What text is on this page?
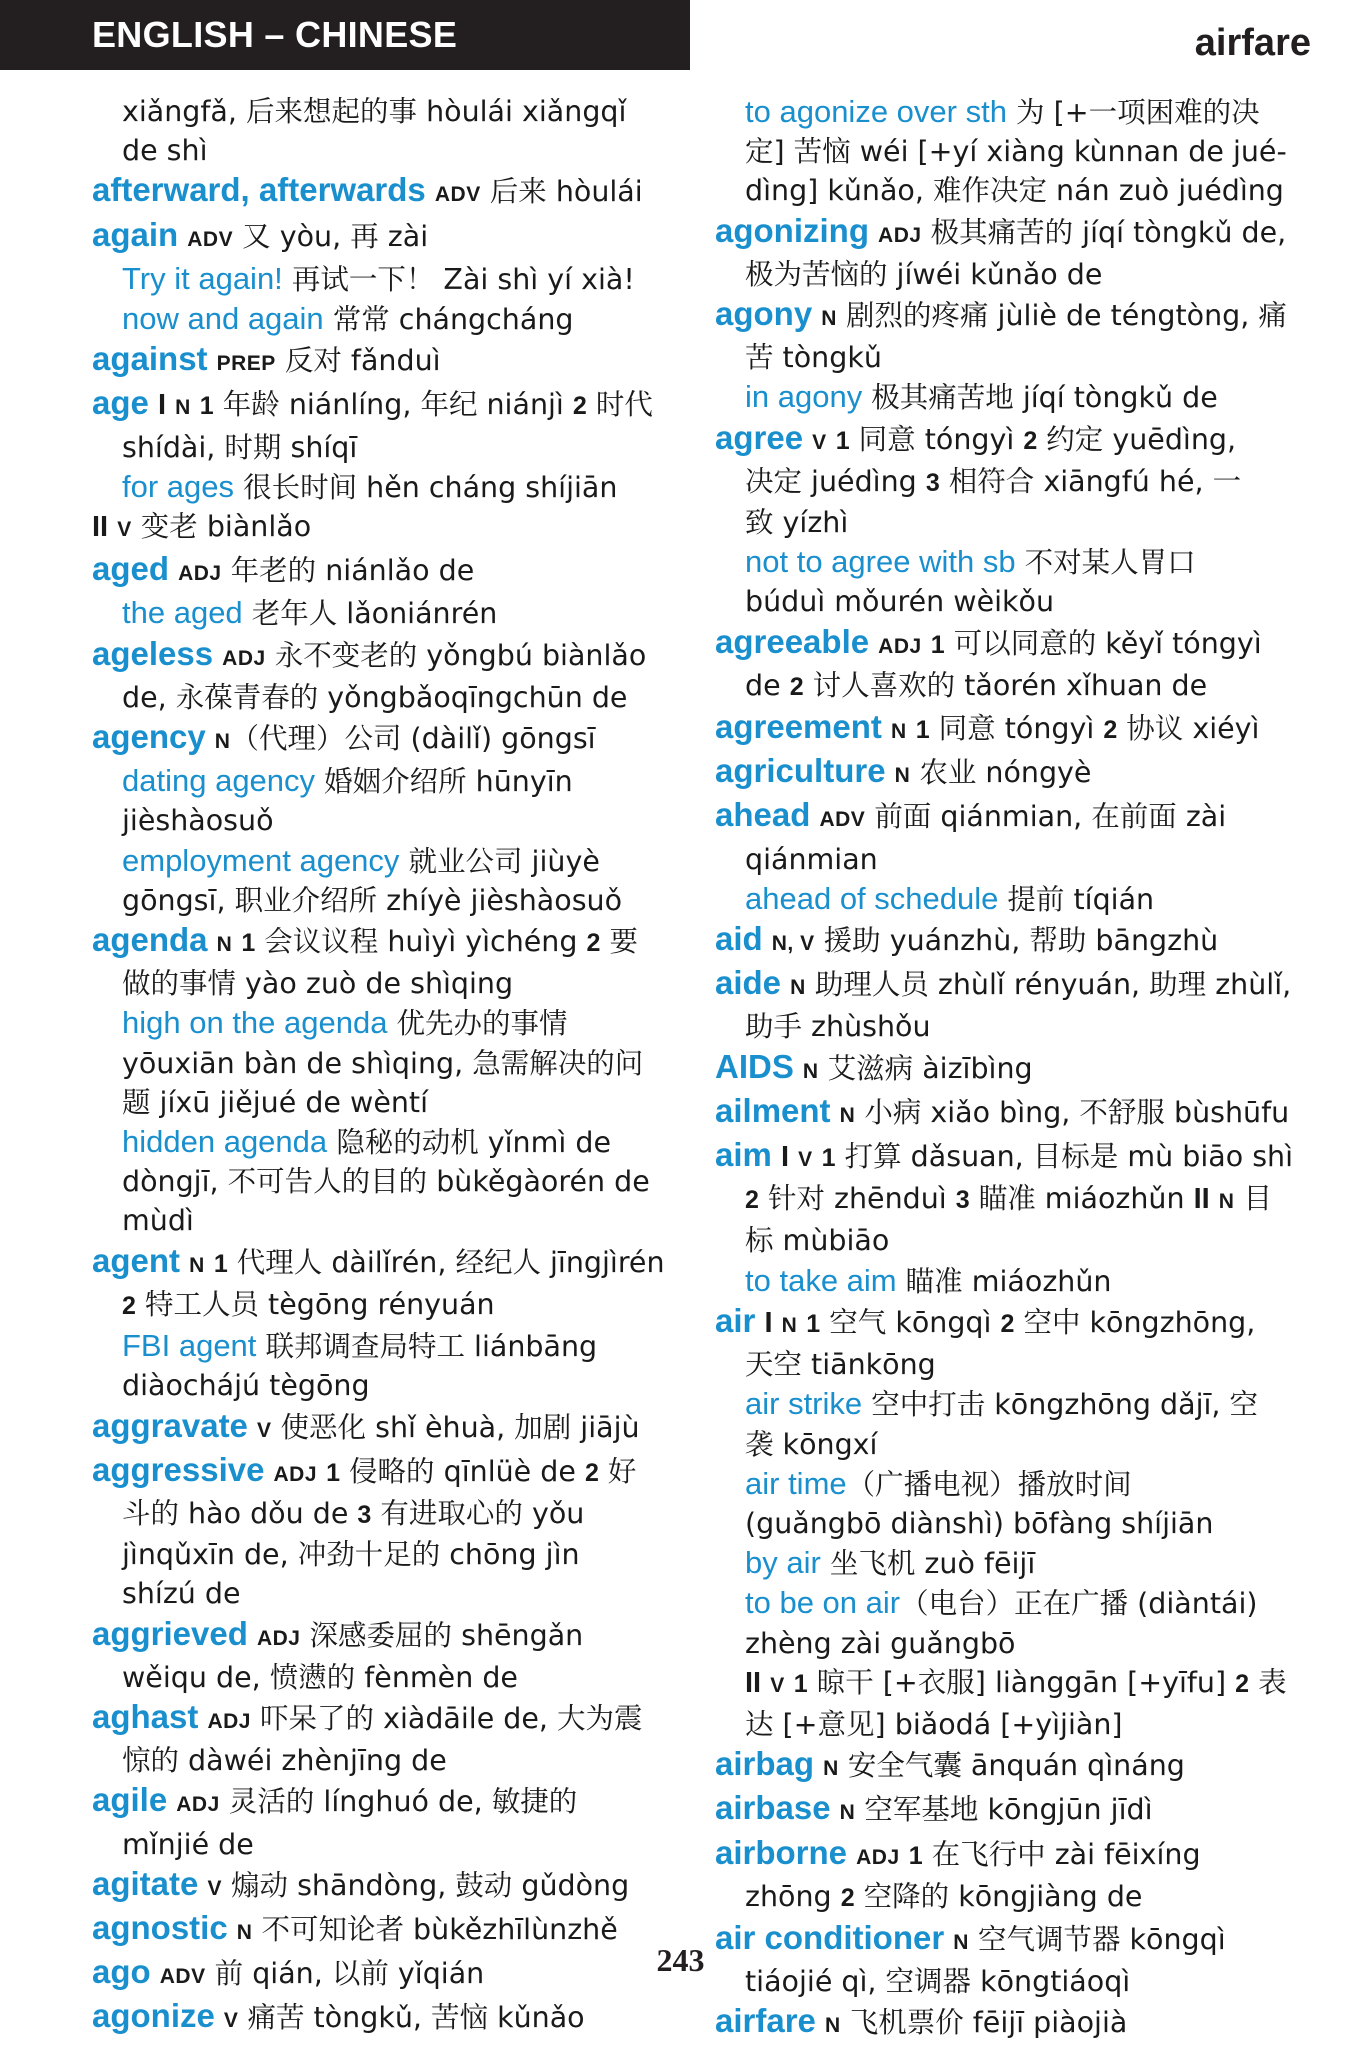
ENGLISH – CHINESE	airfare
xiǎngfǎ, 后来想起的事 hòulái xiǎngqǐ
de shì
afterward, afterwards ADV 后来 hòulái
again ADV 又 yòu, 再 zài
Try it again! 再试一下！ Zài shì yí xià!
now and again 常常 chángcháng
against PREP 反对 fǎnduì
age I N 1 年龄 niánlíng, 年纪 niánjì 2 时代
shídài, 时期 shíqī
for ages 很长时间 hěn cháng shíjiān
II V 变老 biànlǎo
aged ADJ 年老的 niánlǎo de
the aged 老年人 lǎoniánrén
ageless ADJ 永不变老的 yǒngbú biànlǎo
de, 永葆青春的 yǒngbǎoqīngchūn de
agency N（代理）公司 (dàilǐ) gōngsī
dating agency 婚姻介绍所 hūnyīn
jièshàosuǒ
employment agency 就业公司 jiùyè
gōngsī, 职业介绍所 zhíyè jièshàosuǒ
agenda N 1 会议议程 huìyì yìchéng 2 要
做的事情 yào zuò de shìqing
high on the agenda 优先办的事情
yōuxiān bàn de shìqing, 急需解决的问
题 jíxū jiějué de wèntí
hidden agenda 隐秘的动机 yǐnmì de
dòngjī, 不可告人的目的 bùkěgàorén de
mùdì
agent N 1 代理人 dàilǐrén, 经纪人 jīngjìrén
2 特工人员 tègōng rényuán
FBI agent 联邦调查局特工 liánbāng
diàochájú tègōng
aggravate V 使恶化 shǐ èhuà, 加剧 jiājù
aggressive ADJ 1 侵略的 qīnlüè de 2 好
斗的 hào dǒu de 3 有进取心的 yǒu
jìnqǔxīn de, 冲劲十足的 chōng jìn
shízú de
aggrieved ADJ 深感委屈的 shēngǎn
wěiqu de, 愤懑的 fènmèn de
aghast ADJ 吓呆了的 xiàdāile de, 大为震
惊的 dàwéi zhènjīng de
agile ADJ 灵活的 línghuó de, 敏捷的
mǐnjié de
agitate V 煽动 shāndòng, 鼓动 gǔdòng
agnostic N 不可知论者 bùkězhīlùnzhě
ago ADV 前 qián, 以前 yǐqián
agonize V 痛苦 tòngkǔ, 苦恼 kǔnǎo
to agonize over sth 为 [+一项困难的决
定] 苦恼 wéi [+yí xiàng kùnnan de jué-
dìng] kǔnǎo, 难作决定 nán zuò juédìng
agonizing ADJ 极其痛苦的 jíqí tòngkǔ de,
极为苦恼的 jíwéi kǔnǎo de
agony N 剧烈的疼痛 jùliè de téngtòng, 痛
苦 tòngkǔ
in agony 极其痛苦地 jíqí tòngkǔ de
agree V 1 同意 tóngyì 2 约定 yuēdìng,
决定 juédìng 3 相符合 xiāngfú hé, 一
致 yízhì
not to agree with sb 不对某人胃口
búduì mǒurén wèikǒu
agreeable ADJ 1 可以同意的 kěyǐ tóngyì
de 2 讨人喜欢的 tǎorén xǐhuan de
agreement N 1 同意 tóngyì 2 协议 xiéyì
agriculture N 农业 nóngyè
ahead ADV 前面 qiánmian, 在前面 zài
qiánmian
ahead of schedule 提前 tíqián
aid N, V 援助 yuánzhù, 帮助 bāngzhù
aide N 助理人员 zhùlǐ rényuán, 助理 zhùlǐ,
助手 zhùshǒu
AIDS N 艾滋病 àizībìng
ailment N 小病 xiǎo bìng, 不舒服 bùshūfu
aim I V 1 打算 dǎsuan, 目标是 mù biāo shì
2 针对 zhēnduì 3 瞄准 miáozhǔn II N 目
标 mùbiāo
to take aim 瞄准 miáozhǔn
air I N 1 空气 kōngqì 2 空中 kōngzhōng,
天空 tiānkōng
air strike 空中打击 kōngzhōng dǎjī, 空
袭 kōngxí
air time（广播电视）播放时间
(guǎngbō diànshì) bōfàng shíjiān
by air 坐飞机 zuò fēijī
to be on air（电台）正在广播 (diàntái)
zhèng zài guǎngbō
II V 1 晾干 [+衣服] liànggān [+yīfu] 2 表
达 [+意见] biǎodá [+yìjiàn]
airbag N 安全气囊 ānquán qìnáng
airbase N 空军基地 kōngjūn jīdì
airborne ADJ 1 在飞行中 zài fēixíng
zhōng 2 空降的 kōngjiàng de
air conditioner N 空气调节器 kōngqì
tiáojié qì, 空调器 kōngtiáoqì
airfare N 飞机票价 fēijī piàojià
243
